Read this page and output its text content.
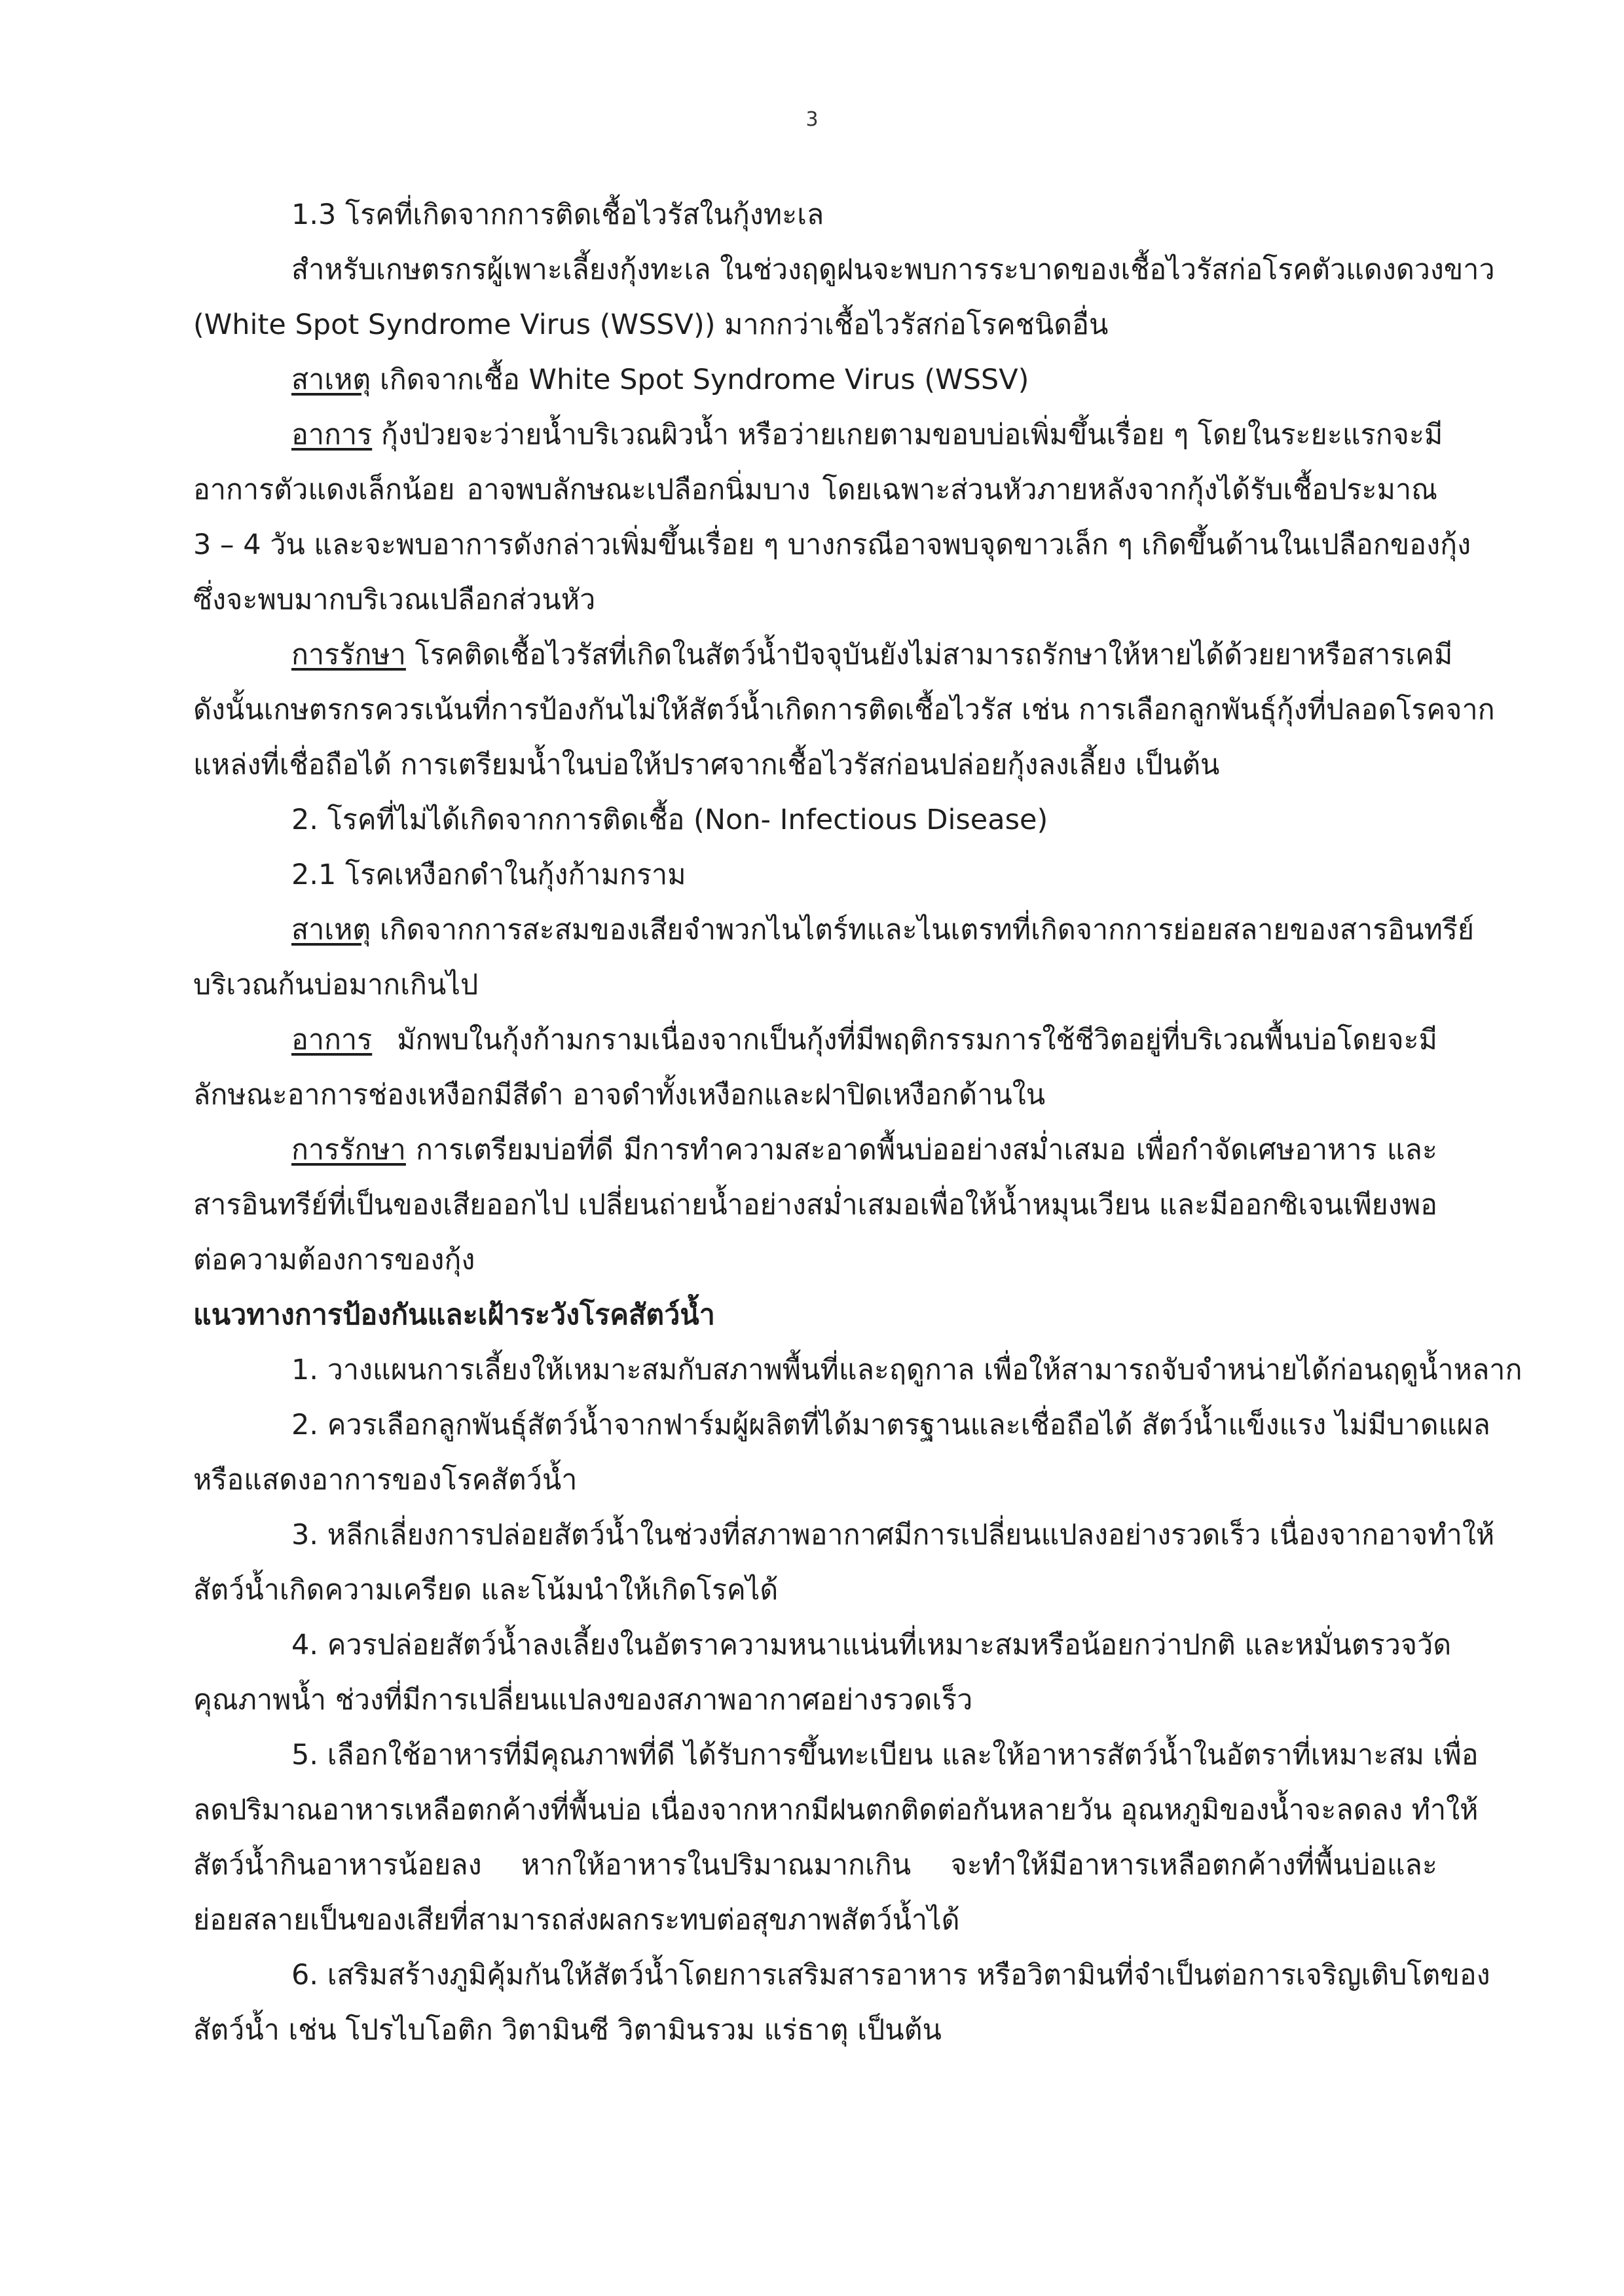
3

1.3 โรคที่เกิดจากการติดเชื้อไวรัสในกุ้งทะเล

สำหรับเกษตรกรผู้เพาะเลี้ยงกุ้งทะเล ในช่วงฤดูฝนจะพบการระบาดของเชื้อไวรัสก่อโรคตัวแดงดวงขาว

(White Spot Syndrome Virus (WSSV)) มากกว่าเชื้อไวรัสก่อโรคชนิดอื่น

สาเหตุ เกิดจากเชื้อ White Spot Syndrome Virus (WSSV)

อาการ กุ้งป่วยจะว่ายน้ำบริเวณผิวน้ำ หรือว่ายเกยตามขอบบ่อเพิ่มขึ้นเรื่อย ๆ โดยในระยะแรกจะมี

อาการตัวแดงเล็กน้อย อาจพบลักษณะเปลือกนิ่มบาง โดยเฉพาะส่วนหัวภายหลังจากกุ้งได้รับเชื้อประมาณ

3 – 4 วัน และจะพบอาการดังกล่าวเพิ่มขึ้นเรื่อย ๆ บางกรณีอาจพบจุดขาวเล็ก ๆ เกิดขึ้นด้านในเปลือกของกุ้ง

ซึ่งจะพบมากบริเวณเปลือกส่วนหัว

การรักษา โรคติดเชื้อไวรัสที่เกิดในสัตว์น้ำปัจจุบันยังไม่สามารถรักษาให้หายได้ด้วยยาหรือสารเคมี

ดังนั้นเกษตรกรควรเน้นที่การป้องกันไม่ให้สัตว์น้ำเกิดการติดเชื้อไวรัส เช่น การเลือกลูกพันธุ์กุ้งที่ปลอดโรคจาก

แหล่งที่เชื่อถือได้ การเตรียมน้ำในบ่อให้ปราศจากเชื้อไวรัสก่อนปล่อยกุ้งลงเลี้ยง เป็นต้น

2. โรคที่ไม่ได้เกิดจากการติดเชื้อ (Non- Infectious Disease)

2.1 โรคเหงือกดำในกุ้งก้ามกราม

สาเหตุ เกิดจากการสะสมของเสียจำพวกไนไตร์ทและไนเตรทที่เกิดจากการย่อยสลายของสารอินทรีย์

บริเวณก้นบ่อมากเกินไป

อาการ มักพบในกุ้งก้ามกรามเนื่องจากเป็นกุ้งที่มีพฤติกรรมการใช้ชีวิตอยู่ที่บริเวณพื้นบ่อโดยจะมี

ลักษณะอาการช่องเหงือกมีสีดำ อาจดำทั้งเหงือกและฝาปิดเหงือกด้านใน

การรักษา การเตรียมบ่อที่ดี มีการทำความสะอาดพื้นบ่ออย่างสม่ำเสมอ เพื่อกำจัดเศษอาหาร และ

สารอินทรีย์ที่เป็นของเสียออกไป เปลี่ยนถ่ายน้ำอย่างสม่ำเสมอเพื่อให้น้ำหมุนเวียน และมีออกซิเจนเพียงพอ

ต่อความต้องการของกุ้ง

แนวทางการป้องกันและเฝ้าระวังโรคสัตว์น้ำ

1. วางแผนการเลี้ยงให้เหมาะสมกับสภาพพื้นที่และฤดูกาล เพื่อให้สามารถจับจำหน่ายได้ก่อนฤดูน้ำหลาก

2. ควรเลือกลูกพันธุ์สัตว์น้ำจากฟาร์มผู้ผลิตที่ได้มาตรฐานและเชื่อถือได้ สัตว์น้ำแข็งแรง ไม่มีบาดแผล

หรือแสดงอาการของโรคสัตว์น้ำ

3. หลีกเลี่ยงการปล่อยสัตว์น้ำในช่วงที่สภาพอากาศมีการเปลี่ยนแปลงอย่างรวดเร็ว เนื่องจากอาจทำให้

สัตว์น้ำเกิดความเครียด และโน้มนำให้เกิดโรคได้

4. ควรปล่อยสัตว์น้ำลงเลี้ยงในอัตราความหนาแน่นที่เหมาะสมหรือน้อยกว่าปกติ และหมั่นตรวจวัด

คุณภาพน้ำ ช่วงที่มีการเปลี่ยนแปลงของสภาพอากาศอย่างรวดเร็ว

5. เลือกใช้อาหารที่มีคุณภาพที่ดี ได้รับการขึ้นทะเบียน และให้อาหารสัตว์น้ำในอัตราที่เหมาะสม เพื่อ

ลดปริมาณอาหารเหลือตกค้างที่พื้นบ่อ เนื่องจากหากมีฝนตกติดต่อกันหลายวัน อุณหภูมิของน้ำจะลดลง ทำให้

สัตว์น้ำกินอาหารน้อยลง หากให้อาหารในปริมาณมากเกิน จะทำให้มีอาหารเหลือตกค้างที่พื้นบ่อและ

ย่อยสลายเป็นของเสียที่สามารถส่งผลกระทบต่อสุขภาพสัตว์น้ำได้

6. เสริมสร้างภูมิคุ้มกันให้สัตว์น้ำโดยการเสริมสารอาหาร หรือวิตามินที่จำเป็นต่อการเจริญเติบโตของ

สัตว์น้ำ เช่น โปรไบโอติก วิตามินซี วิตามินรวม แร่ธาตุ เป็นต้น
